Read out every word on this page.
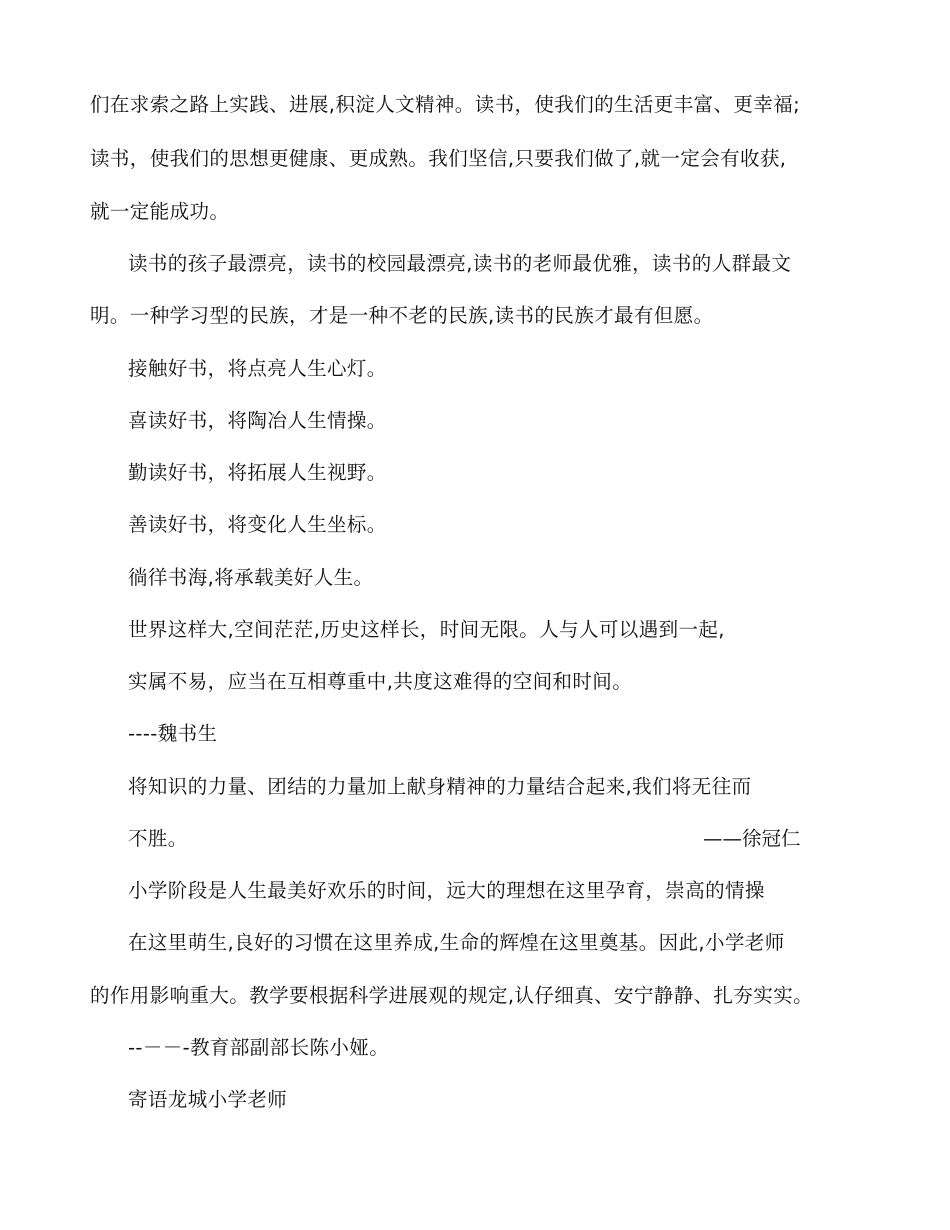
们在求索之路上实践、进展,积淀人文精神。读书，使我们的生活更丰富、更幸福;
读书，使我们的思想更健康、更成熟。我们坚信,只要我们做了,就一定会有收获,
就一定能成功。
读书的孩子最漂亮，读书的校园最漂亮,读书的老师最优雅，读书的人群最文
明。一种学习型的民族，才是一种不老的民族,读书的民族才最有但愿。
接触好书，将点亮人生心灯。
喜读好书，将陶冶人生情操。
勤读好书，将拓展人生视野。
善读好书，将变化人生坐标。
徜徉书海,将承载美好人生。
世界这样大,空间茫茫,历史这样长，时间无限。人与人可以遇到一起,
实属不易，应当在互相尊重中,共度这难得的空间和时间。
----魏书生
将知识的力量、团结的力量加上献身精神的力量结合起来,我们将无往而
不胜。	——徐冠仁
小学阶段是人生最美好欢乐的时间，远大的理想在这里孕育，崇高的情操
在这里萌生,良好的习惯在这里养成,生命的辉煌在这里奠基。因此,小学老师
的作用影响重大。教学要根据科学进展观的规定,认仔细真、安宁静静、扎夯实实。
--－－-教育部副部长陈小娅。
寄语龙城小学老师
